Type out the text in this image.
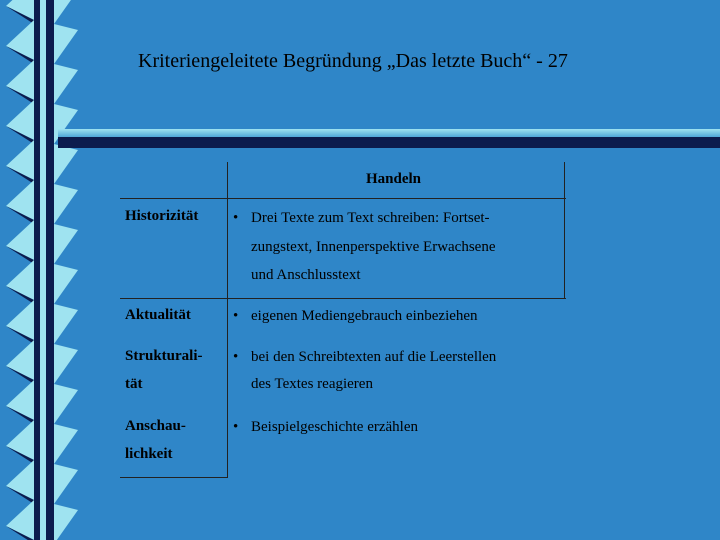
Kriteriengeleitete Begründung „Das letzte Buch“ - 27
Handeln
Historizität •	Drei Texte zum Text schreiben: Fortset-
zungstext, Innenperspektive Erwachsene
und Anschlusstext
Aktualität •	eigenen Mediengebrauch einbeziehen
Strukturali-
tät
•
bei den Schreibtexten auf die Leerstellen
des Textes reagieren
Anschau-
lichkeit
•
Beispielgeschichte erzählen
